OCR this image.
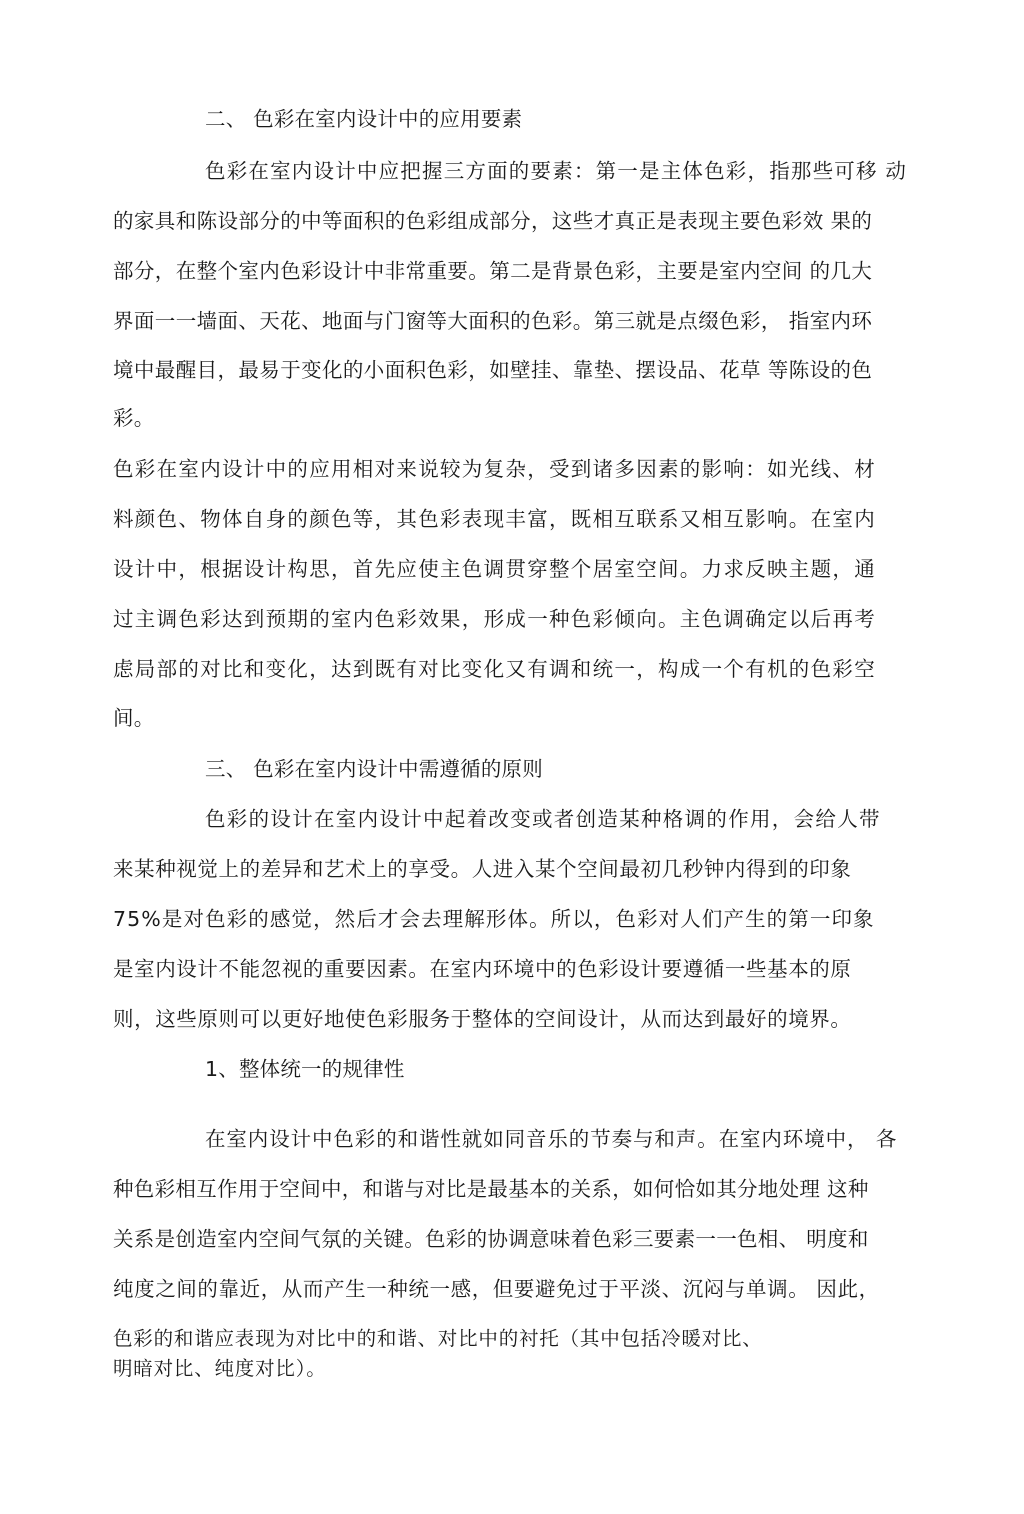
二、 色彩在室内设计中的应用要素
色彩在室内设计中应把握三方面的要素：第一是主体色彩，指那些可移 动
的家具和陈设部分的中等面积的色彩组成部分，这些才真正是表现主要色彩效 果的
部分，在整个室内色彩设计中非常重要。第二是背景色彩，主要是室内空间 的几大
界面一一墙面、天花、地面与门窗等大面积的色彩。第三就是点缀色彩， 指室内环
境中最醒目，最易于变化的小面积色彩，如壁挂、靠垫、摆设品、花草 等陈设的色
彩。
色彩在室内设计中的应用相对来说较为复杂，受到诸多因素的影响：如光线、材
料颜色、物体自身的颜色等，其色彩表现丰富，既相互联系又相互影响。在室内
设计中，根据设计构思，首先应使主色调贯穿整个居室空间。力求反映主题，通
过主调色彩达到预期的室内色彩效果，形成一种色彩倾向。主色调确定以后再考
虑局部的对比和变化，达到既有对比变化又有调和统一，构成一个有机的色彩空
间。
三、 色彩在室内设计中需遵循的原则
色彩的设计在室内设计中起着改变或者创造某种格调的作用，会给人带
来某种视觉上的差异和艺术上的享受。人进入某个空间最初几秒钟内得到的印象
75%是对色彩的感觉，然后才会去理解形体。所以，色彩对人们产生的第一印象
是室内设计不能忽视的重要因素。在室内环境中的色彩设计要遵循一些基本的原
则，这些原则可以更好地使色彩服务于整体的空间设计，从而达到最好的境界。
1、整体统一的规律性
在室内设计中色彩的和谐性就如同音乐的节奏与和声。在室内环境中， 各
种色彩相互作用于空间中，和谐与对比是最基本的关系，如何恰如其分地处理 这种
关系是创造室内空间气氛的关键。色彩的协调意味着色彩三要素一一色相、 明度和
纯度之间的靠近，从而产生一种统一感，但要避免过于平淡、沉闷与单调。 因此，
色彩的和谐应表现为对比中的和谐、对比中的衬托（其中包括冷暖对比、
明暗对比、纯度对比）。
